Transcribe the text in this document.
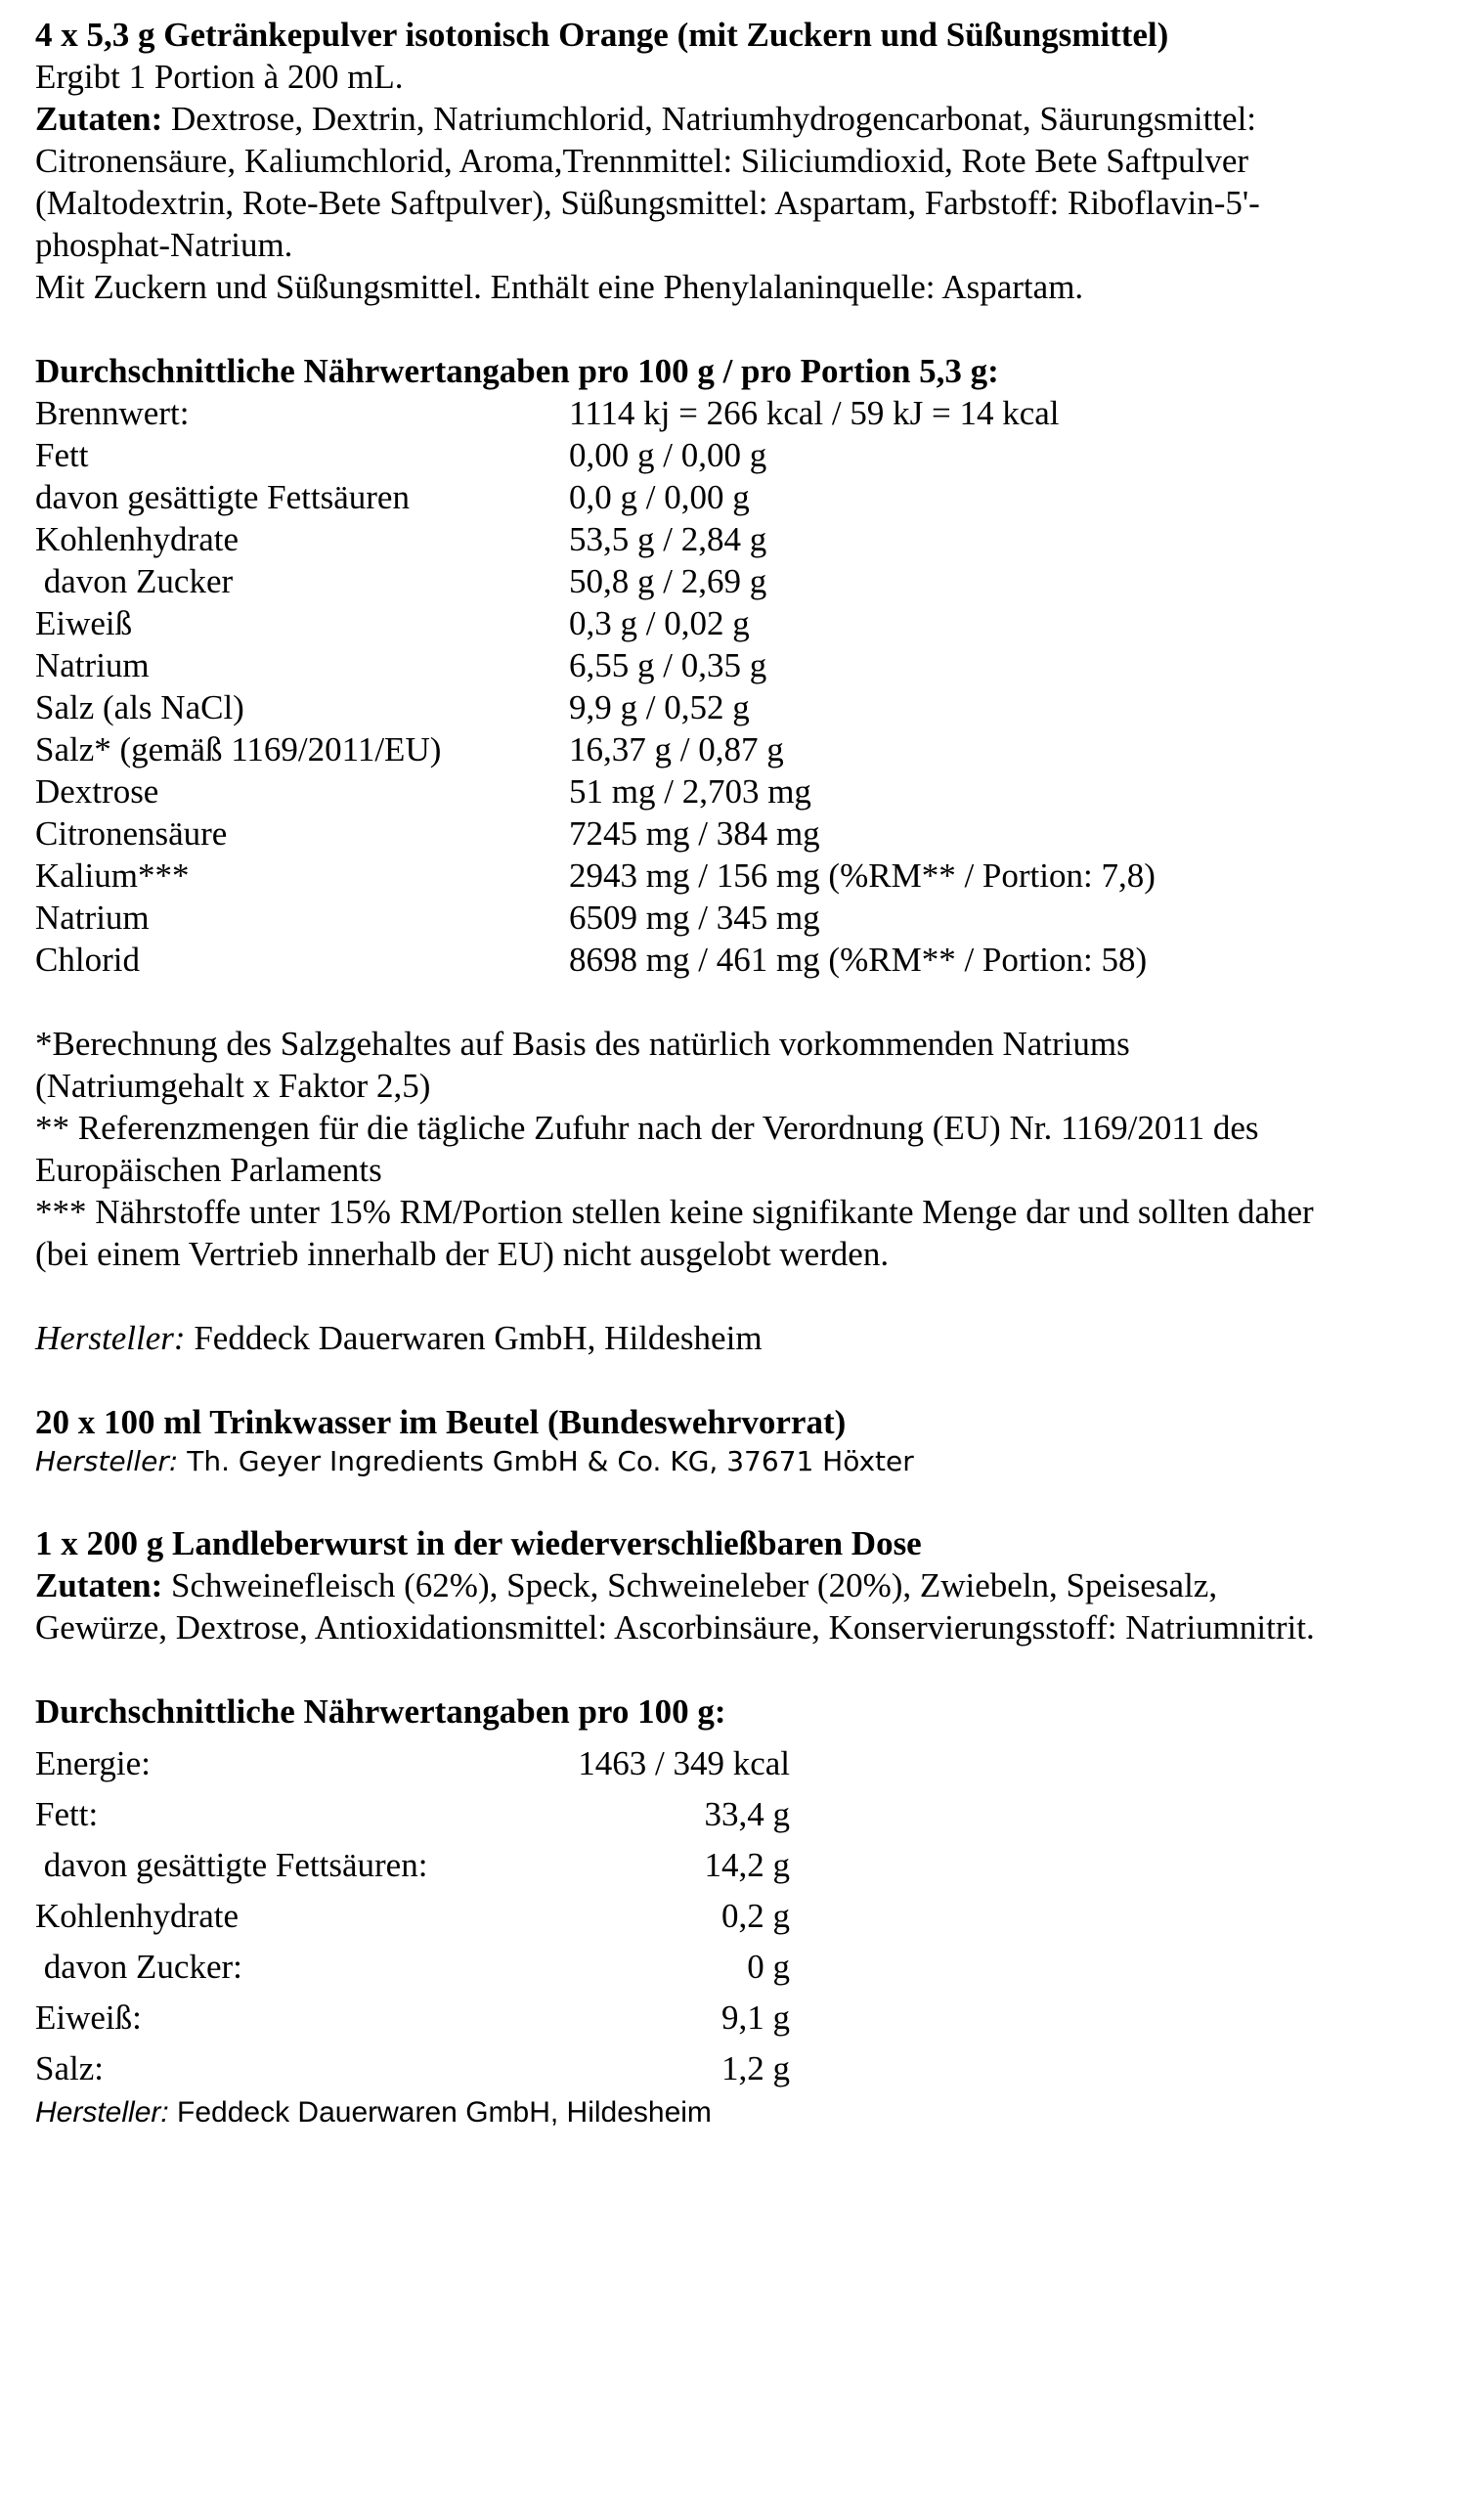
4 x 5,3 g Getränkepulver isotonisch Orange (mit Zuckern und Süßungsmittel)
Ergibt 1 Portion à 200 mL.
Zutaten: Dextrose, Dextrin, Natriumchlorid, Natriumhydrogencarbonat, Säurungsmittel:
Citronensäure, Kaliumchlorid, Aroma,Trennmittel: Siliciumdioxid, Rote Bete Saftpulver
(Maltodextrin, Rote-Bete Saftpulver), Süßungsmittel: Aspartam, Farbstoff: Riboflavin-5'-
phosphat-Natrium.
Mit Zuckern und Süßungsmittel. Enthält eine Phenylalaninquelle: Aspartam.
Durchschnittliche Nährwertangaben pro 100 g / pro Portion 5,3 g:
Brennwert:	1114 kj = 266 kcal / 59 kJ = 14 kcal
Fett	0,00 g / 0,00 g
davon gesättigte Fettsäuren	0,0 g / 0,00 g
Kohlenhydrate	53,5 g / 2,84 g
davon Zucker	50,8 g / 2,69 g
Eiweiß	0,3 g / 0,02 g
Natrium	6,55 g / 0,35 g
Salz (als NaCl)	9,9 g / 0,52 g
Salz* (gemäß 1169/2011/EU)	16,37 g / 0,87 g
Dextrose	51 mg / 2,703 mg
Citronensäure	7245 mg / 384 mg
Kalium***	2943 mg / 156 mg (%RM** / Portion: 7,8)
Natrium	6509 mg / 345 mg
Chlorid	8698 mg / 461 mg (%RM** / Portion: 58)
*Berechnung des Salzgehaltes auf Basis des natürlich vorkommenden Natriums
(Natriumgehalt x Faktor 2,5)
** Referenzmengen für die tägliche Zufuhr nach der Verordnung (EU) Nr. 1169/2011 des
Europäischen Parlaments
*** Nährstoffe unter 15% RM/Portion stellen keine signifikante Menge dar und sollten daher
(bei einem Vertrieb innerhalb der EU) nicht ausgelobt werden.
Hersteller: Feddeck Dauerwaren GmbH, Hildesheim
20 x 100 ml Trinkwasser im Beutel (Bundeswehrvorrat)
Hersteller: Th. Geyer Ingredients GmbH & Co. KG, 37671 Höxter
1 x 200 g Landleberwurst in der wiederverschließbaren Dose
Zutaten: Schweinefleisch (62%), Speck, Schweineleber (20%), Zwiebeln, Speisesalz,
Gewürze, Dextrose, Antioxidationsmittel: Ascorbinsäure, Konservierungsstoff: Natriumnitrit.
Durchschnittliche Nährwertangaben pro 100 g:
Energie:	1463 / 349 kcal
Fett:	33,4 g
davon gesättigte Fettsäuren:	14,2 g
Kohlenhydrate	0,2 g
davon Zucker:	0 g
Eiweiß:	9,1 g
Salz:	1,2 g
Hersteller: Feddeck Dauerwaren GmbH, Hildesheim
